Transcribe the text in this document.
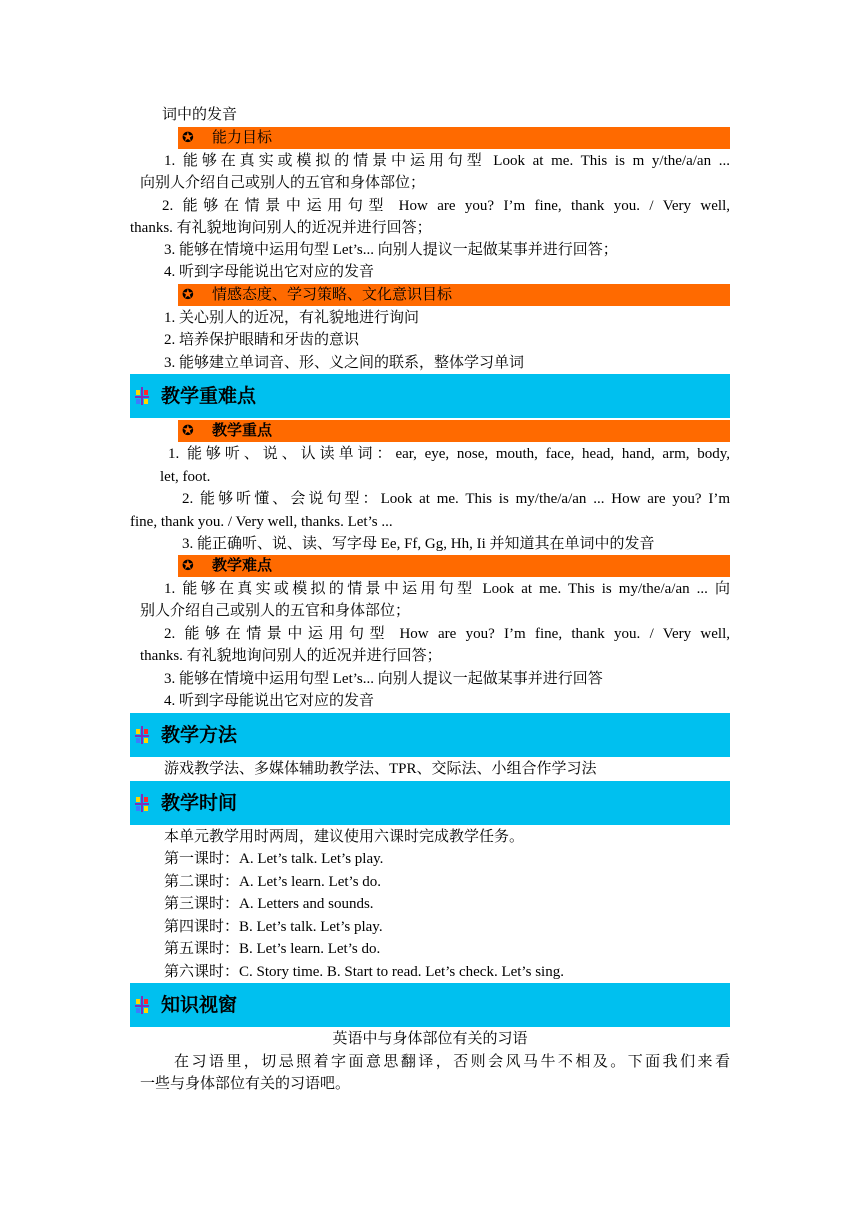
词中的发音
✪ 能力目标
1. 能够在真实或模拟的情景中运用句型 Look at me. This is m y/the/a/an ...
向别人介绍自己或别人的五官和身体部位；
2. 能够在情景中运用句型 How are you? I’m fine, thank you. / Very well,
thanks. 有礼貌地询问别人的近况并进行回答；
3. 能够在情境中运用句型 Let’s... 向别人提议一起做某事并进行回答；
4. 听到字母能说出它对应的发音
✪ 情感态度、学习策略、文化意识目标
1. 关心别人的近况，有礼貌地进行询问
2. 培养保护眼睛和牙齿的意识
3. 能够建立单词音、形、义之间的联系，整体学习单词
教学重难点
✪ 教学重点
1. 能够听、说、认读单词：ear, eye, nose, mouth, face, head, hand, arm, body,
let, foot.
2. 能够听懂、会说句型：Look at me. This is my/the/a/an ... How are you? I’m
fine, thank you. / Very well, thanks. Let’s ...
3. 能正确听、说、读、写字母 Ee, Ff, Gg, Hh, Ii 并知道其在单词中的发音
✪ 教学难点
1. 能够在真实或模拟的情景中运用句型 Look at me. This is my/the/a/an ... 向
别人介绍自己或别人的五官和身体部位；
2. 能够在情景中运用句型 How are you? I’m fine, thank you. / Very well,
thanks. 有礼貌地询问别人的近况并进行回答；
3. 能够在情境中运用句型 Let’s... 向别人提议一起做某事并进行回答
4. 听到字母能说出它对应的发音
教学方法
游戏教学法、多媒体辅助教学法、TPR、交际法、小组合作学习法
教学时间
本单元教学用时两周，建议使用六课时完成教学任务。
第一课时：A. Let’s talk. Let’s play.
第二课时：A. Let’s learn. Let’s do.
第三课时：A. Letters and sounds.
第四课时：B. Let’s talk. Let’s play.
第五课时：B. Let’s learn. Let’s do.
第六课时：C. Story time. B. Start to read. Let’s check. Let’s sing.
知识视窗
英语中与身体部位有关的习语
在习语里，切忌照着字面意思翻译，否则会风马牛不相及。下面我们来看
一些与身体部位有关的习语吧。
